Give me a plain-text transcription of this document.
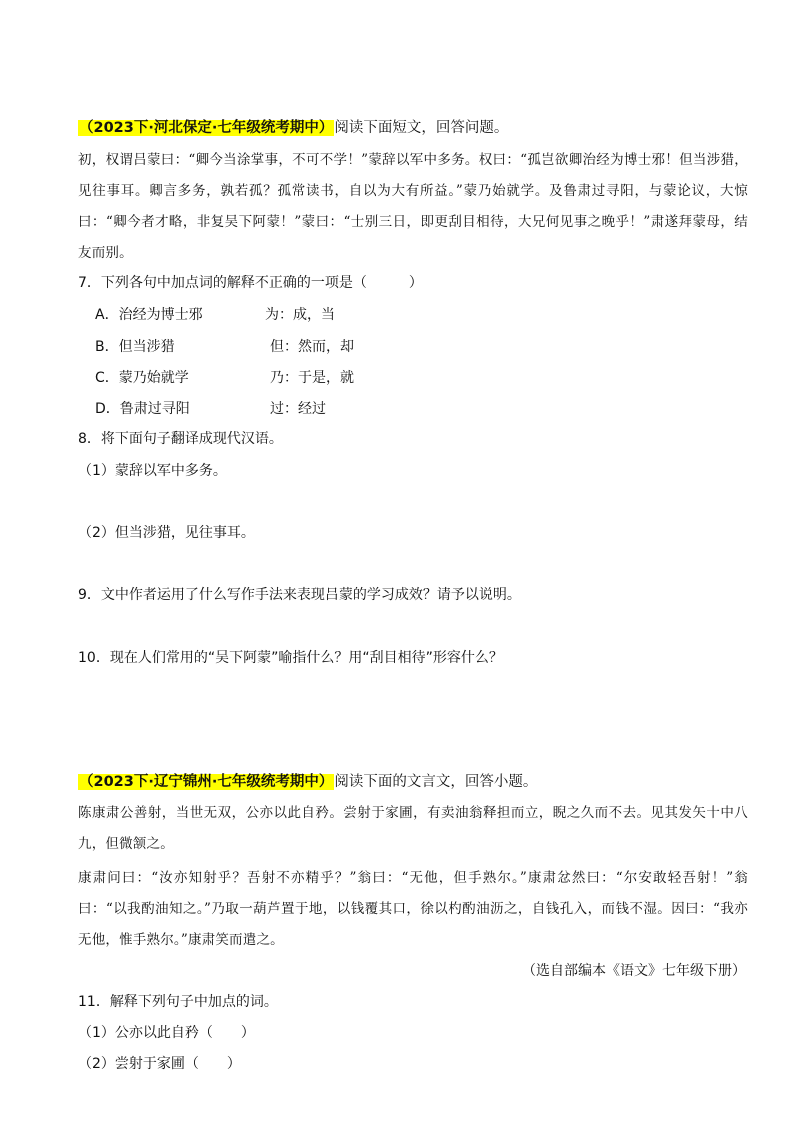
（2023下·河北保定·七年级统考期中）阅读下面短文，回答问题。
初，权谓吕蒙曰：“卿今当涂掌事，不可不学！”蒙辞以军中多务。权曰：“孤岂欲卿治经为博士邪！但当涉猎，见往事耳。卿言多务，孰若孤？孤常读书，自以为大有所益。”蒙乃始就学。及鲁肃过寻阳，与蒙论议，大惊曰：“卿今者才略，非复吴下阿蒙！”蒙曰：“士别三日，即更刮目相待，大兄何见事之晚乎！”肃遂拜蒙母，结友而别。
7．下列各句中加点词的解释不正确的一项是（　　　）
A．治经为博士邪	为：成，当
B．但当涉猎	但：然而，却
C．蒙乃始就学	乃：于是，就
D．鲁肃过寻阳	过：经过
8．将下面句子翻译成现代汉语。
（1）蒙辞以军中多务。
（2）但当涉猎，见往事耳。
9．文中作者运用了什么写作手法来表现吕蒙的学习成效？请予以说明。
10．现在人们常用的“吴下阿蒙”喻指什么？用“刮目相待”形容什么？
（2023下·辽宁锦州·七年级统考期中）阅读下面的文言文，回答小题。
陈康肃公善射，当世无双，公亦以此自矜。尝射于家圃，有卖油翁释担而立，睨之久而不去。见其发矢十中八九，但微颔之。
康肃问曰：“汝亦知射乎？吾射不亦精乎？”翁曰：“无他，但手熟尔。”康肃忿然曰：“尔安敢轻吾射！”翁曰：“以我酌油知之。”乃取一葫芦置于地，以钱覆其口，徐以杓酌油沥之，自钱孔入，而钱不湿。因曰：“我亦无他，惟手熟尔。”康肃笑而遣之。
（选自部编本《语文》七年级下册）
11．解释下列句子中加点的词。
（1）公亦以此自矜（　　）
（2）尝射于家圃（　　）
